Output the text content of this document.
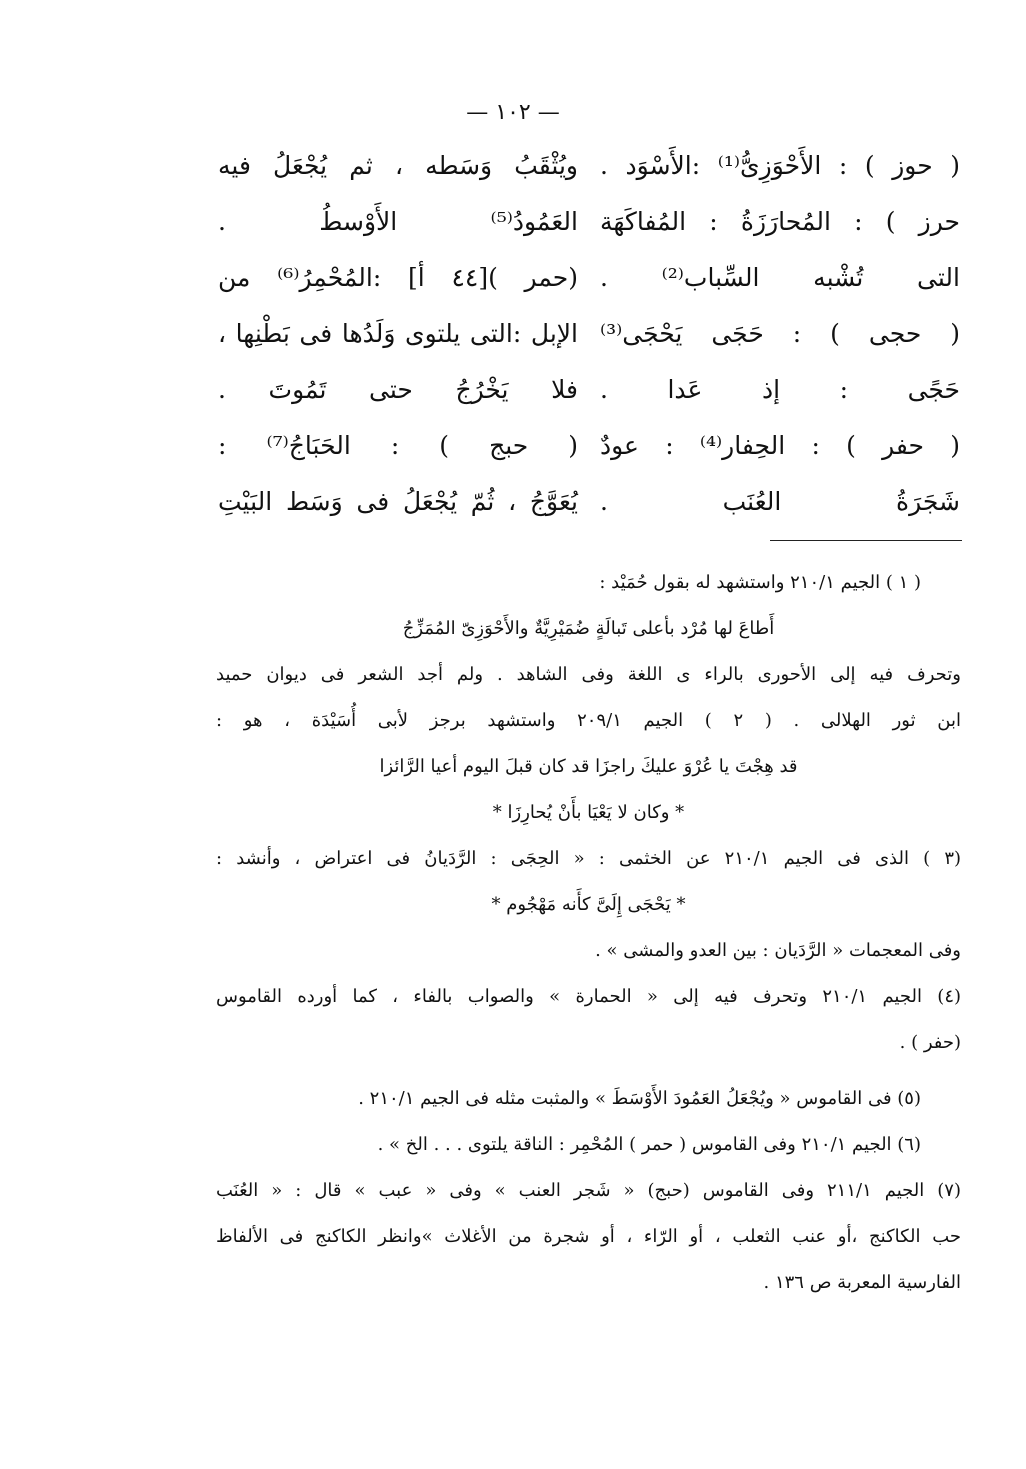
— ١٠٢ —
( حوز ) : الأَحْوَزِىُّ⁽¹⁾ :الأَسْوَد .
حرز ) : المُحارَزَةُ : المُفاكَهَة
التى تُشْبه السِّباب⁽²⁾ .
( حجى ) : حَجَى يَحْجَى⁽³⁾
حَجًى : إذ عَدا .
( حفر ) : الحِفار⁽⁴⁾ : عودٌ
شَجَرَةُ العُنَب .
ويُثْقَبُ وَسَطه ، ثم يُجْعَلُ فيه
العَمُودُ⁽⁵⁾ الأَوْسطُ .
(حمر )[٤٤ أ] :المُحْمِرُ⁽⁶⁾ من
الإبل :التى يلتوى وَلَدُها فى بَطْنِها ،
فلا يَخْرُجُ حتى تَمُوتَ .
( حبج ) : الحَبَاجُ⁽⁷⁾ :
يُعَوَّجُ ، ثُمّ يُجْعَلُ فى وَسَط البَيْتِ
( ١ ) الجيم ٢١٠/١ واستشهد له بقول حُمَيْد :
أَطاعَ لها مُرْد بأعلى تَبالَةٍ ضُمَيْرِيَّةٌ والأَحْوَزِىّ المُمَزِّجُ
وتحرف فيه إلى الأحورى بالراء ى اللغة وفى الشاهد . ولم أجد الشعر فى ديوان حميد
ابن ثور الهلالى . ( ٢ ) الجيم ٢٠٩/١ واستشهد برجز لأبى أُسَيْدَة ، هو :
قد هِجْتَ يا عُرْوَ عليكَ راجزَا قد كان قبلَ اليوم أعيا الرَّائزا
* وكان لا يَعْيَا بأَنْ يُحارِزَا *
(٣ ) الذى فى الجيم ٢١٠/١ عن الخثمى : « الحِجَى : الرَّدَيانُ فى اعتراض ، وأنشد :
* يَحْجَى إِلَىَّ كأَنه مَهْجُوم *
وفى المعجمات « الرَّدَيان : بين العدو والمشى » .
(٤) الجيم ٢١٠/١ وتحرف فيه إلى « الحمارة » والصواب بالفاء ، كما أورده القاموس
(حفر ) .
(٥) فى القاموس « ويُجْعَلُ العَمُودَ الأَوْسَطَ » والمثبت مثله فى الجيم ٢١٠/١ .
(٦) الجيم ٢١٠/١ وفى القاموس ( حمر ) المُحْمِر : الناقة يلتوى . . . الخ » .
(٧) الجيم ٢١١/١ وفى القاموس (حبج) « شَجر العنب » وفى « عبب » قال : « العُنَب
حب الكاكنج ،أو عنب الثعلب ، أو الرّاء ، أو شجرة من الأغلاث »وانظر الكاكنج فى الألفاظ
الفارسية المعربة ص ١٣٦ .
